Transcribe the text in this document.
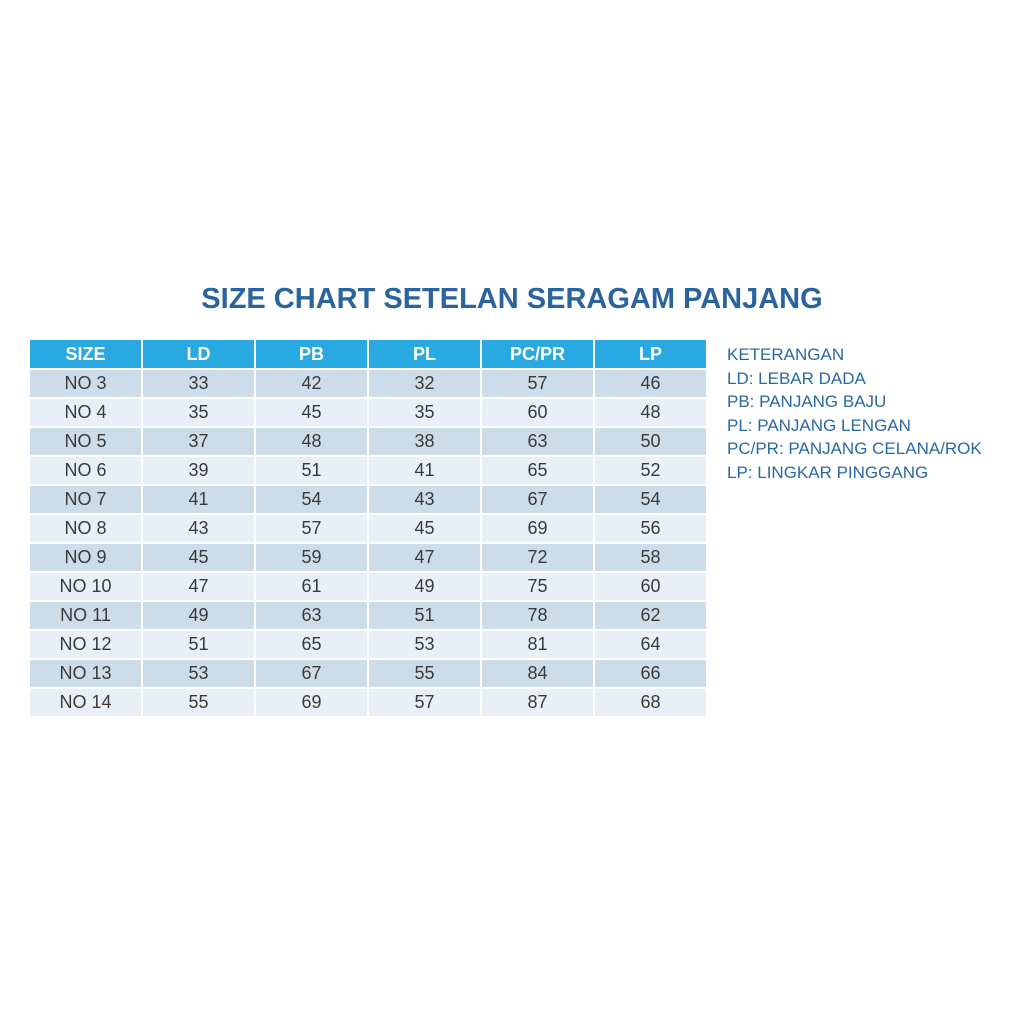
SIZE CHART SETELAN SERAGAM PANJANG
SIZE	LD	PB	PL	PC/PR	LP
NO 3	33	42	32	57	46
NO 4	35	45	35	60	48
NO 5	37	48	38	63	50
NO 6	39	51	41	65	52
NO 7	41	54	43	67	54
NO 8	43	57	45	69	56
NO 9	45	59	47	72	58
NO 10	47	61	49	75	60
NO 11	49	63	51	78	62
NO 12	51	65	53	81	64
NO 13	53	67	55	84	66
NO 14	55	69	57	87	68
KETERANGAN
LD: LEBAR DADA
PB: PANJANG BAJU
PL: PANJANG LENGAN
PC/PR: PANJANG CELANA/ROK
LP: LINGKAR PINGGANG
